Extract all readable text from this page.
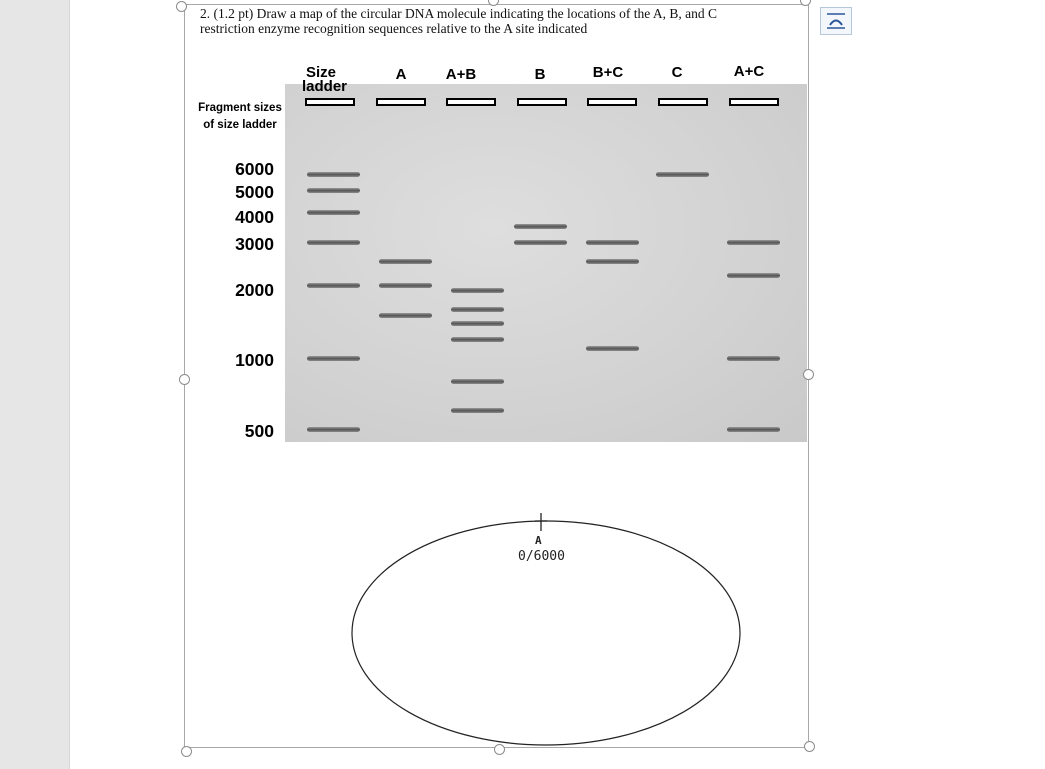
2. (1.2 pt) Draw a map of the circular DNA molecule indicating the locations of the A, B, and C
restriction enzyme recognition sequences relative to the A site indicated
Size
ladder
A	A+B	B	B+C	C	A+C
Fragment sizes
of size ladder
6000
5000
4000
3000
2000
1000
500
A
0/6000
